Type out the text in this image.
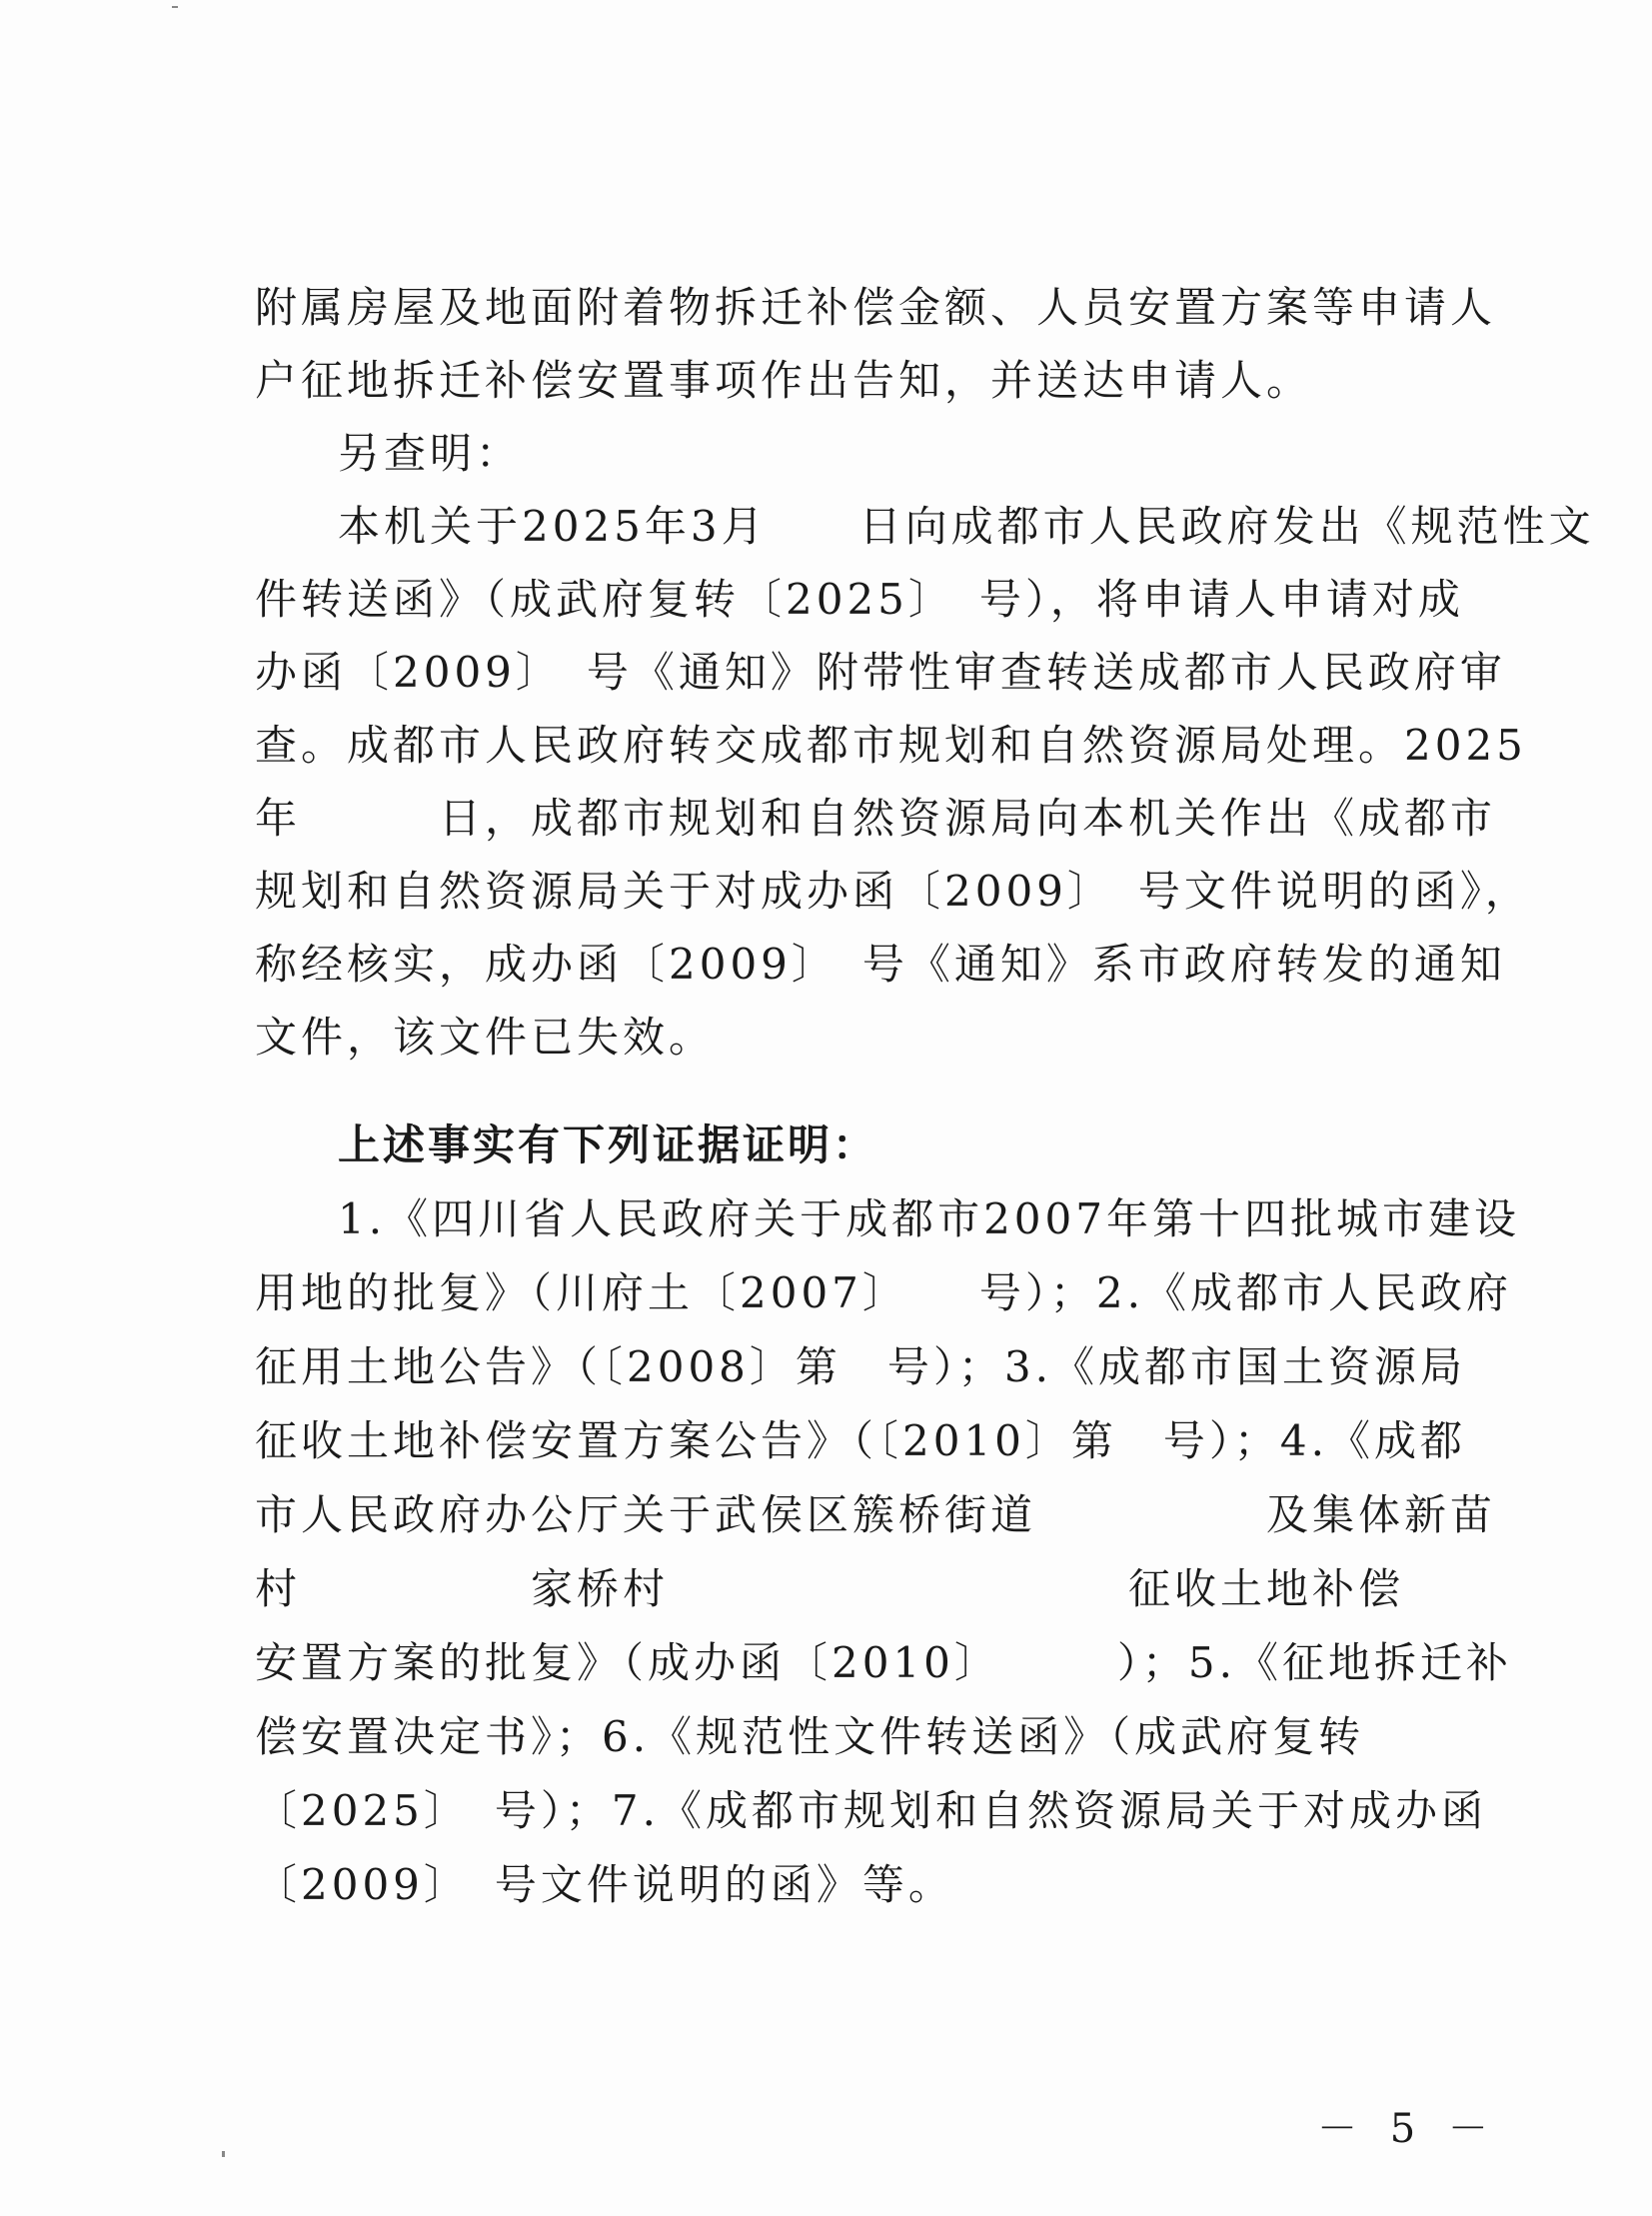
附属房屋及地面附着物拆迁补偿金额、人员安置方案等申请人
户征地拆迁补偿安置事项作出告知，并送达申请人。
另查明：
本机关于2025年3月　　日向成都市人民政府发出《规范性文
件转送函》（成武府复转〔2025〕　号），将申请人申请对成
办函〔2009〕　号《通知》附带性审查转送成都市人民政府审
查。成都市人民政府转交成都市规划和自然资源局处理。2025
年　　　日，成都市规划和自然资源局向本机关作出《成都市
规划和自然资源局关于对成办函〔2009〕　号文件说明的函》，
称经核实，成办函〔2009〕　号《通知》系市政府转发的通知
文件，该文件已失效。
上述事实有下列证据证明：
1.《四川省人民政府关于成都市2007年第十四批城市建设
用地的批复》（川府土〔2007〕　　号）；2.《成都市人民政府
征用土地公告》（〔2008〕第　号）；3.《成都市国土资源局
征收土地补偿安置方案公告》（〔2010〕第　号）；4.《成都
市人民政府办公厅关于武侯区簇桥街道　　　　　及集体新苗
村　　　　　家桥村　　　　　　　　　　征收土地补偿
安置方案的批复》（成办函〔2010〕　　　）；5.《征地拆迁补
偿安置决定书》；6.《规范性文件转送函》（成武府复转
〔2025〕　号）；7.《成都市规划和自然资源局关于对成办函
〔2009〕　号文件说明的函》等。
－ 5 －
